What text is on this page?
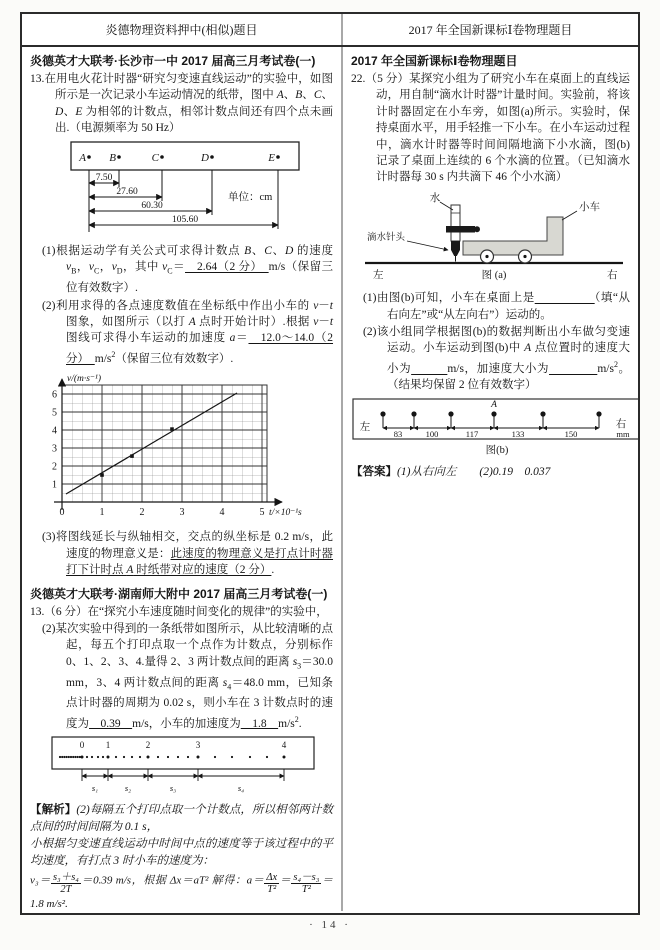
炎德物理资料押中(相似)题目	2017 年全国新课标Ⅰ卷物理题目
炎德英才大联考·长沙市一中 2017 届高三月考试卷(一)
13.在用电火花计时器“研究匀变速直线运动”的实验中，如图所示是一次记录小车运动情况的纸带，图中 A、B、C、D、E 为相邻的计数点，相邻计数点间还有四个点未画出.（电源频率为 50 Hz）
A B	C	D	E
7.50
27.60
60.30
105.60
单位：cm
(1)根据运动学有关公式可求得计数点 B、C、D 的速度 $v_B$，$v_C$，$v_D$，其中 $v_C=$　2.64（2 分）　m/s（保留三位有效数字）.
(2)利用求得的各点速度数值在坐标纸中作出小车的 v－t 图象，如图所示（以打 A 点时开始计时）.根据 v－t 图线可求得小车运动的加速度 a＝　12.0～14.0（2 分）　$m/s^2$（保留三位有效数字）.
0	1	2	3	4	5
1
2
3
4
5
6
t/×10⁻¹s
v/(m·s⁻¹)
(3)将图线延长与纵轴相交，交点的纵坐标是 0.2 m/s，此速度的物理意义是：此速度的物理意义是打点计时器打下计时点 A 时纸带对应的速度（2 分）.
炎德英才大联考·湖南师大附中 2017 届高三月考试卷(一)
13.（6 分）在“探究小车速度随时间变化的规律”的实验中，
(2)某次实验中得到的一条纸带如图所示，从比较清晰的点起，每五个打印点取一个点作为计数点，分别标作 0、1、2、3、4.量得 2、3 两计数点间的距离 $s_3=30.0$ mm，3、4 两计数点间的距离 $s_4=48.0$ mm，已知条点计时器的周期为 0.02 s，则小车在 3 计数点时的速度为　0.39　m/s，小车的加速度为　1.8　$m/s^2$.
0 1	2	3	4
s₁	s₂	s₃	s₄
【解析】(2)每隔五个打印点取一个计数点，所以相邻两计数点间的时间间隔为 0.1 s，
小根据匀变速直线运动中时间中点的速度等于该过程中的平均速度，有打点 3 时小车的速度为：
$v_3= \frac{\text{s₃＋s₄}}{2T} =0.39$ m/s，根据 Δx＝aT² 解得：$a= \frac{\Delta x}{\text{T²}} = \frac{\text{s₄－s₃}}{\text{T²}} =1.8$ m/s².
2017 年全国新课标Ⅰ卷物理题目
22.（5 分）某探究小组为了研究小车在桌面上的直线运动，用自制“滴水计时器”计量时间。实验前，将该计时器固定在小车旁，如图(a)所示。实验时，保持桌面水平，用手轻推一下小车。在小车运动过程中，滴水计时器等时间间隔地滴下小水滴，图(b)记录了桌面上连续的 6 个水滴的位置。（已知滴水计时器每 30 s 内共滴下 46 个小水滴）
水
小车
滴水针头
左	图 (a)	右
(1)由图(b)可知，小车在桌面上是　　　　　	（填“从右向左”或“从左向右”）运动的。
(2)该小组同学根据图(b)的数据判断出小车做匀变速运动。小车运动到图(b)中 A 点位置时的速度大小为　　　	m/s，加速度大小为　　　　	$m/s^2$。（结果均保留 2 位有效数字）
左
A
83	100	117	133	150
右
mm
图(b)
【答案】(1)从右向左　　(2)0.19　0.037
· 14 ·
